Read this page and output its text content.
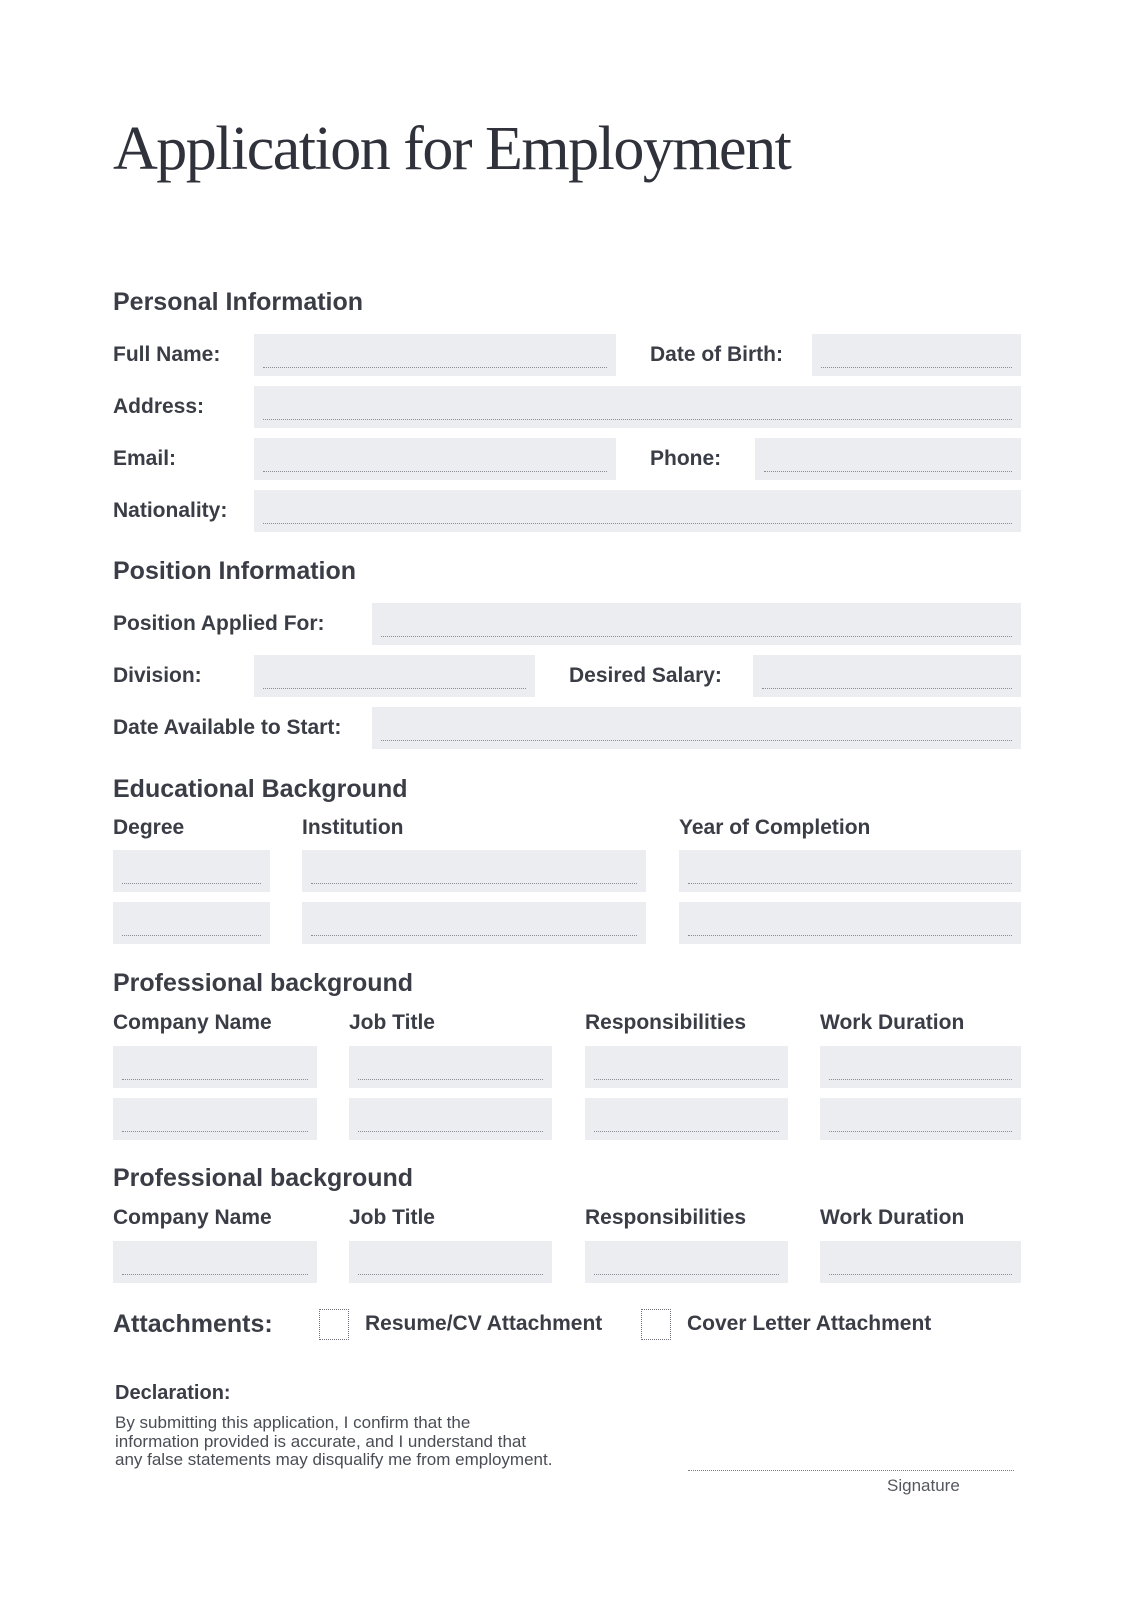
Application for Employment
Personal Information
Full Name:	Date of Birth:
Address:
Email:	Phone:
Nationality:
Position Information
Position Applied For:
Division:	Desired Salary:
Date Available to Start:
Educational Background
Degree	Institution	Year of Completion
Professional background
Company Name	Job Title	Responsibilities	Work Duration
Professional background
Company Name	Job Title	Responsibilities	Work Duration
Attachments:	Resume/CV Attachment	Cover Letter Attachment
Declaration:
By submitting this application, I confirm that the information provided is accurate, and I understand that any false statements may disqualify me from employment.
Signature
